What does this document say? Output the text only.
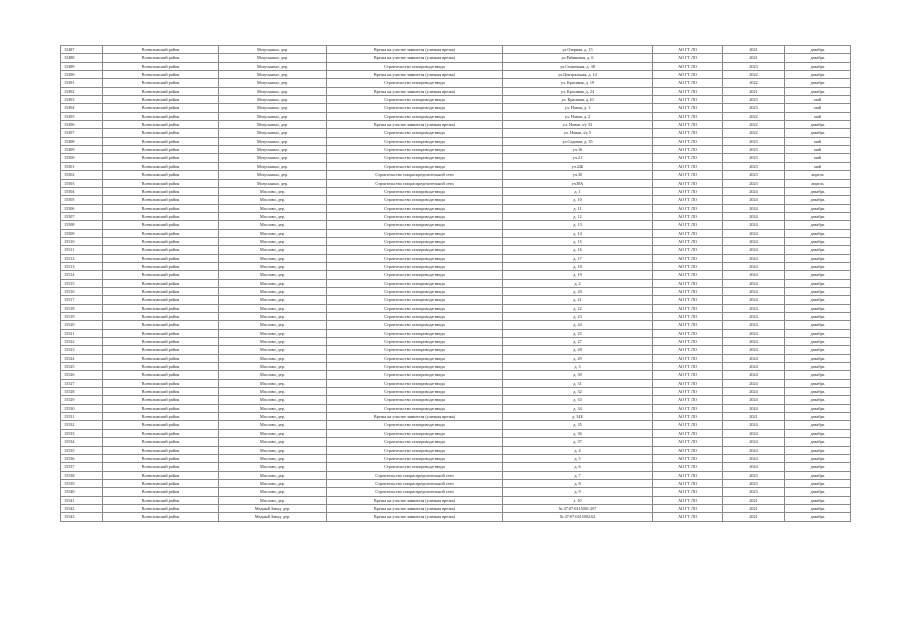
15487	Всеволожский район	Мозуськино, дер.	Врезка на участке заявителя (уличная врезка)	ул.Озерная, д. 15	АО ГТ ЛО	2021	декабрь
15488	Всеволожский район	Мозуськино, дер.	Врезка на участке заявителя (уличная врезка)	ул.Рябиновая, д. 6	АО ГТ ЛО	2021	декабрь
15489	Всеволожский район	Мозуськино, дер.	Строительство газопровода-ввода	ул.Солнечная, д. 38	АО ГТ ЛО	2023	декабрь
15490	Всеволожский район	Мозуськино, дер.	Врезка на участке заявителя (уличная врезка)	ул.Центральная, д. 14	АО ГТ ЛО	2022	декабрь
15491	Всеволожский район	Мозуськино, дер.	Строительство газопровода-ввода	ул. Красивая, д. 19	АО ГТ ЛО	2022	декабрь
15492	Всеволожский район	Мозуськино, дер.	Врезка на участке заявителя (уличная врезка)	ул. Красивая, д. 24	АО ГТ ЛО	2021	декабрь
15493	Всеволожский район	Мозуськино, дер.	Строительство газопровода-ввода	ул. Красивая, д.10	АО ГТ ЛО	2023	май
15494	Всеволожский район	Мозуськино, дер.	Строительство газопровода-ввода	ул. Новая, д. 1	АО ГТ ЛО	2023	май
15495	Всеволожский район	Мозуськино, дер.	Строительство газопровода-ввода	ул. Новая, д. 2	АО ГТ ЛО	2022	май
15496	Всеволожский район	Мозуськино, дер.	Врезка на участке заявителя (уличная врезка)	ул. Новая, з/у 33	АО ГТ ЛО	2022	декабрь
15497	Всеволожский район	Мозуськино, дер.	Строительство газопровода-ввода	ул. Новая, з/у 5	АО ГТ ЛО	2022	декабрь
15498	Всеволожский район	Мозуськино, дер.	Строительство газопровода-ввода	ул.Садовая, д. 35	АО ГТ ЛО	2023	май
15499	Всеволожский район	Мозуськино, дер.	Строительство газопровода-ввода	уч.16	АО ГТ ЛО	2023	май
15500	Всеволожский район	Мозуськино, дер.	Строительство газопровода-ввода	уч.21	АО ГТ ЛО	2023	май
15501	Всеволожский район	Мозуськино, дер.	Строительство газопровода-ввода	уч.24Б	АО ГТ ЛО	2023	май
15502	Всеволожский район	Мозуськино, дер.	Строительство газораспределительной сети	уч.30	АО ГТ ЛО	2023	апрель
15503	Всеволожский район	Мозуськино, дер.	Строительство газораспределительной сети	уч38А	АО ГТ ЛО	2023	апрель
15504	Всеволожский район	Маслово, дер.	Строительство газопровода-ввода	д. 1	АО ГТ ЛО	2024	декабрь
15505	Всеволожский район	Маслово, дер.	Строительство газопровода-ввода	д. 10	АО ГТ ЛО	2024	декабрь
15506	Всеволожский район	Маслово, дер.	Строительство газопровода-ввода	д. 11	АО ГТ ЛО	2024	декабрь
15507	Всеволожский район	Маслово, дер.	Строительство газопровода-ввода	д. 12	АО ГТ ЛО	2024	декабрь
15508	Всеволожский район	Маслово, дер.	Строительство газопровода-ввода	д. 13	АО ГТ ЛО	2024	декабрь
15509	Всеволожский район	Маслово, дер.	Строительство газопровода-ввода	д. 14	АО ГТ ЛО	2024	декабрь
15510	Всеволожский район	Маслово, дер.	Строительство газопровода-ввода	д. 15	АО ГТ ЛО	2024	декабрь
15511	Всеволожский район	Маслово, дер.	Строительство газопровода-ввода	д. 16	АО ГТ ЛО	2024	декабрь
15512	Всеволожский район	Маслово, дер.	Строительство газопровода-ввода	д. 17	АО ГТ ЛО	2024	декабрь
15513	Всеволожский район	Маслово, дер.	Строительство газопровода-ввода	д. 18	АО ГТ ЛО	2024	декабрь
15514	Всеволожский район	Маслово, дер.	Строительство газопровода-ввода	д. 19	АО ГТ ЛО	2024	декабрь
15515	Всеволожский район	Маслово, дер.	Строительство газопровода-ввода	д. 2	АО ГТ ЛО	2024	декабрь
15516	Всеволожский район	Маслово, дер.	Строительство газопровода-ввода	д. 20	АО ГТ ЛО	2024	декабрь
15517	Всеволожский район	Маслово, дер.	Строительство газопровода-ввода	д. 21	АО ГТ ЛО	2024	декабрь
15518	Всеволожский район	Маслово, дер.	Строительство газопровода-ввода	д. 22	АО ГТ ЛО	2024	декабрь
15519	Всеволожский район	Маслово, дер.	Строительство газопровода-ввода	д. 23	АО ГТ ЛО	2024	декабрь
15520	Всеволожский район	Маслово, дер.	Строительство газопровода-ввода	д. 24	АО ГТ ЛО	2024	декабрь
15521	Всеволожский район	Маслово, дер.	Строительство газопровода-ввода	д. 25	АО ГТ ЛО	2024	декабрь
15522	Всеволожский район	Маслово, дер.	Строительство газопровода-ввода	д. 27	АО ГТ ЛО	2024	декабрь
15523	Всеволожский район	Маслово, дер.	Строительство газопровода-ввода	д. 28	АО ГТ ЛО	2024	декабрь
15524	Всеволожский район	Маслово, дер.	Строительство газопровода-ввода	д. 29	АО ГТ ЛО	2024	декабрь
15525	Всеволожский район	Маслово, дер.	Строительство газопровода-ввода	д. 3	АО ГТ ЛО	2024	декабрь
15526	Всеволожский район	Маслово, дер.	Строительство газопровода-ввода	д. 30	АО ГТ ЛО	2024	декабрь
15527	Всеволожский район	Маслово, дер.	Строительство газопровода-ввода	д. 31	АО ГТ ЛО	2024	декабрь
15528	Всеволожский район	Маслово, дер.	Строительство газопровода-ввода	д. 32	АО ГТ ЛО	2024	декабрь
15529	Всеволожский район	Маслово, дер.	Строительство газопровода-ввода	д. 33	АО ГТ ЛО	2024	декабрь
15530	Всеволожский район	Маслово, дер.	Строительство газопровода-ввода	д. 34	АО ГТ ЛО	2024	декабрь
15531	Всеволожский район	Маслово, дер.	Врезка на участке заявителя (уличная врезка)	д. 34Б	АО ГТ ЛО	2021	декабрь
15532	Всеволожский район	Маслово, дер.	Строительство газопровода-ввода	д. 35	АО ГТ ЛО	2024	декабрь
15533	Всеволожский район	Маслово, дер.	Строительство газопровода-ввода	д. 36	АО ГТ ЛО	2024	декабрь
15534	Всеволожский район	Маслово, дер.	Строительство газопровода-ввода	д. 37	АО ГТ ЛО	2024	декабрь
15535	Всеволожский район	Маслово, дер.	Строительство газопровода-ввода	д. 4	АО ГТ ЛО	2024	декабрь
15536	Всеволожский район	Маслово, дер.	Строительство газопровода-ввода	д. 5	АО ГТ ЛО	2024	декабрь
15537	Всеволожский район	Маслово, дер.	Строительство газопровода-ввода	д. 6	АО ГТ ЛО	2024	декабрь
15538	Всеволожский район	Маслово, дер.	Строительство газораспределительной сети	д. 7	АО ГТ ЛО	2023	декабрь
15539	Всеволожский район	Маслово, дер.	Строительство газораспределительной сети	д. 8	АО ГТ ЛО	2023	декабрь
15540	Всеволожский район	Маслово, дер.	Строительство газораспределительной сети	д. 9	АО ГТ ЛО	2023	декабрь
15541	Всеволожский район	Маслово, дер.	Врезка на участке заявителя (уличная врезка)	з. 10	АО ГТ ЛО	2021	декабрь
15542	Всеволожский район	Медный Завод, дер.	Врезка на участке заявителя (уличная врезка)	№ 47:07:0415001:207	АО ГТ ЛО	2021	декабрь
15543	Всеволожский район	Медный Завод, дер.	Врезка на участке заявителя (уличная врезка)	№ 47:07:0415002:62	АО ГТ ЛО	2021	декабрь
